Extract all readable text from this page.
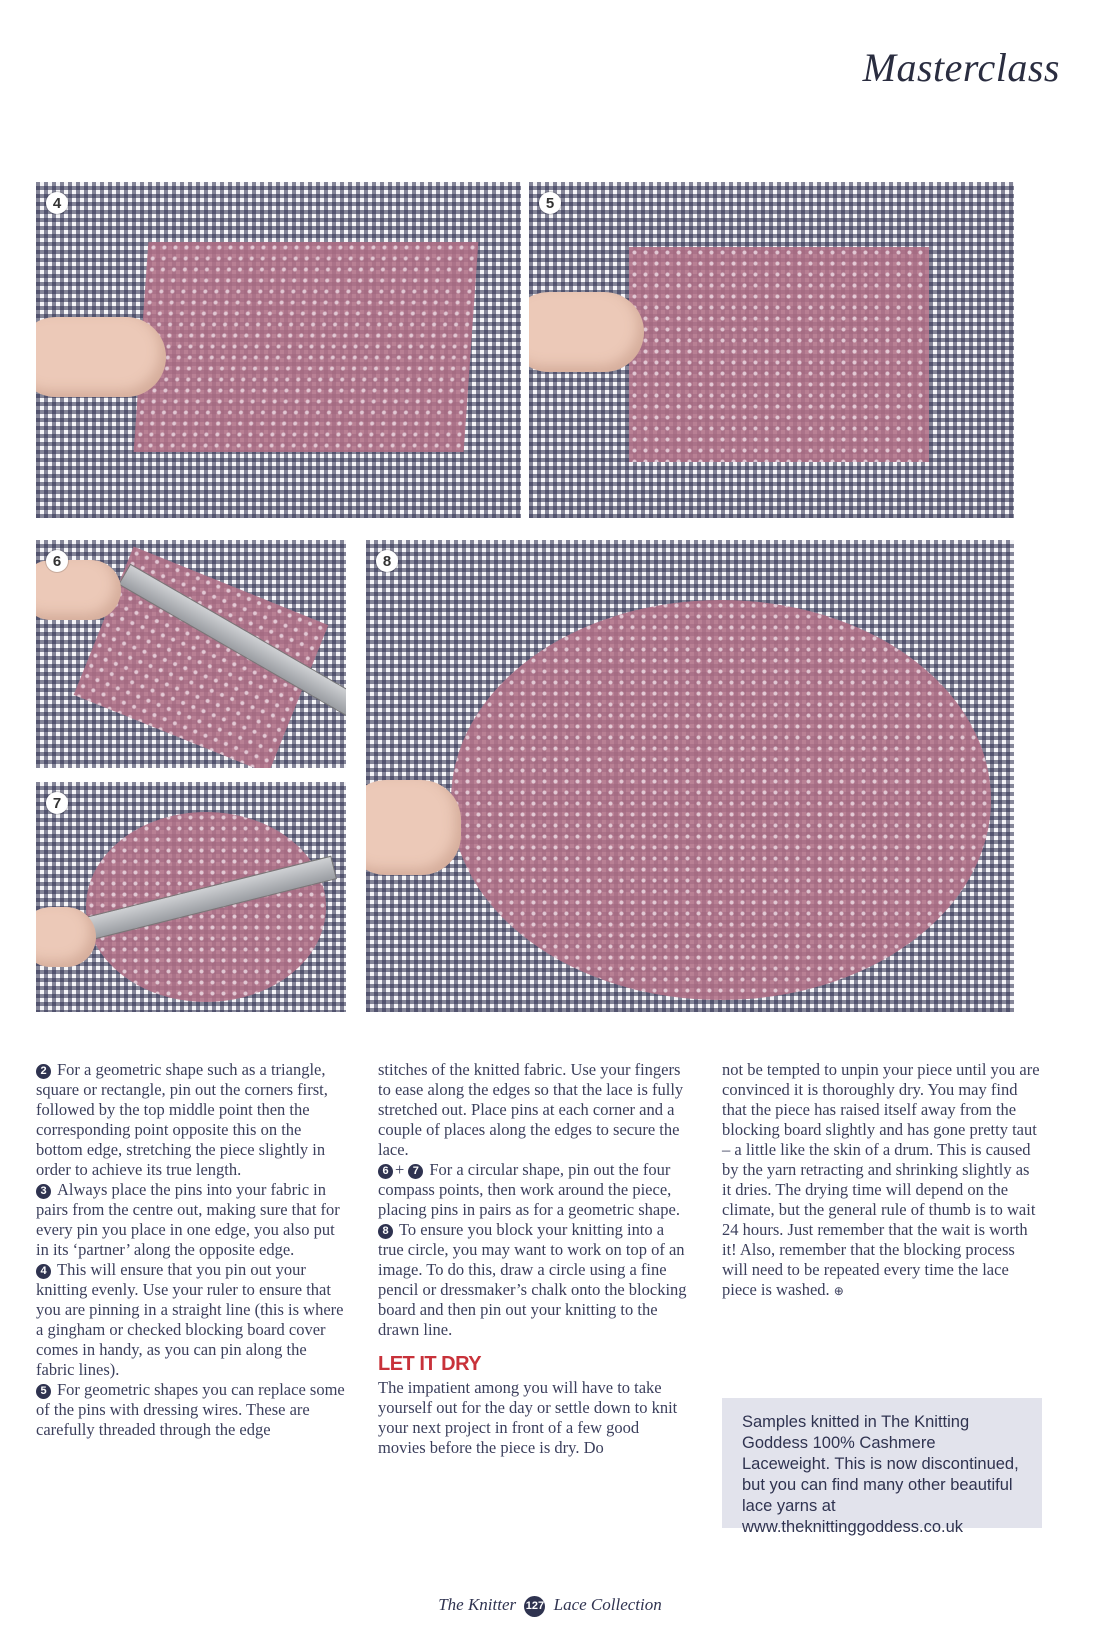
Masterclass
4	5
6
7
8

2 For a geometric shape such as a triangle, square or rectangle, pin out the corners first, followed by the top middle point then the corresponding point opposite this on the bottom edge, stretching the piece slightly in order to achieve its true length.

3 Always place the pins into your fabric in pairs from the centre out, making sure that for every pin you place in one edge, you also put in its ‘partner’ along the opposite edge.

4 This will ensure that you pin out your knitting evenly. Use your ruler to ensure that you are pinning in a straight line (this is where a gingham or checked blocking board cover comes in handy, as you can pin along the fabric lines).

5 For geometric shapes you can replace some of the pins with dressing wires. These are carefully threaded through the edge

stitches of the knitted fabric. Use your fingers to ease along the edges so that the lace is fully stretched out. Place pins at each corner and a couple of places along the edges to secure the lace.

6 + 7 For a circular shape, pin out the four compass points, then work around the piece, placing pins in pairs as for a geometric shape.

8 To ensure you block your knitting into a true circle, you may want to work on top of an image. To do this, draw a circle using a fine pencil or dressmaker’s chalk onto the blocking board and then pin out your knitting to the drawn line.

LET IT DRY

The impatient among you will have to take yourself out for the day or settle down to knit your next project in front of a few good movies before the piece is dry. Do

not be tempted to unpin your piece until you are convinced it is thoroughly dry. You may find that the piece has raised itself away from the blocking board slightly and has gone pretty taut – a little like the skin of a drum. This is caused by the yarn retracting and shrinking slightly as it dries. The drying time will depend on the climate, but the general rule of thumb is to wait 24 hours. Just remember that the wait is worth it! Also, remember that the blocking process will need to be repeated every time the lace piece is washed. ⊕

Samples knitted in The Knitting Goddess 100% Cashmere Laceweight. This is now discontinued, but you can find many other beautiful lace yarns at www.theknittinggoddess.co.uk
The Knitter 127 Lace Collection
